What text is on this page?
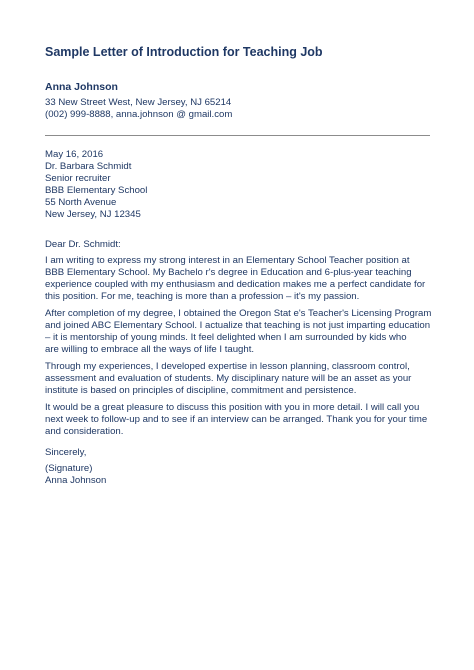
Sample Letter of Introduction for Teaching Job
Anna Johnson
33 New Street West, New Jersey, NJ 65214
(002) 999-8888, anna.johnson @ gmail.com
May 16, 2016
Dr. Barbara Schmidt
Senior recruiter
BBB Elementary School
55 North Avenue
New Jersey, NJ 12345
Dear Dr. Schmidt:
I am writing to express my strong interest in an Elementary School Teacher position at
BBB Elementary School. My Bachelo r's degree in Education and 6-plus-year teaching
experience coupled with my enthusiasm and dedication makes me a perfect candidate for
this position. For me, teaching is more than a profession – it's my passion.
After completion of my degree, I obtained the Oregon Stat e's Teacher's Licensing Program
and joined ABC Elementary School. I actualize that teaching is not just imparting education
– it is mentorship of young minds. It feel delighted when I am surrounded by kids who
are willing to embrace all the ways of life I taught.
Through my experiences, I developed expertise in lesson planning, classroom control,
assessment and evaluation of students. My disciplinary nature will be an asset as your
institute is based on principles of discipline, commitment and persistence.
It would be a great pleasure to discuss this position with you in more detail. I will call you
next week to follow-up and to see if an interview can be arranged. Thank you for your time
and consideration.
Sincerely,
(Signature)
Anna Johnson
